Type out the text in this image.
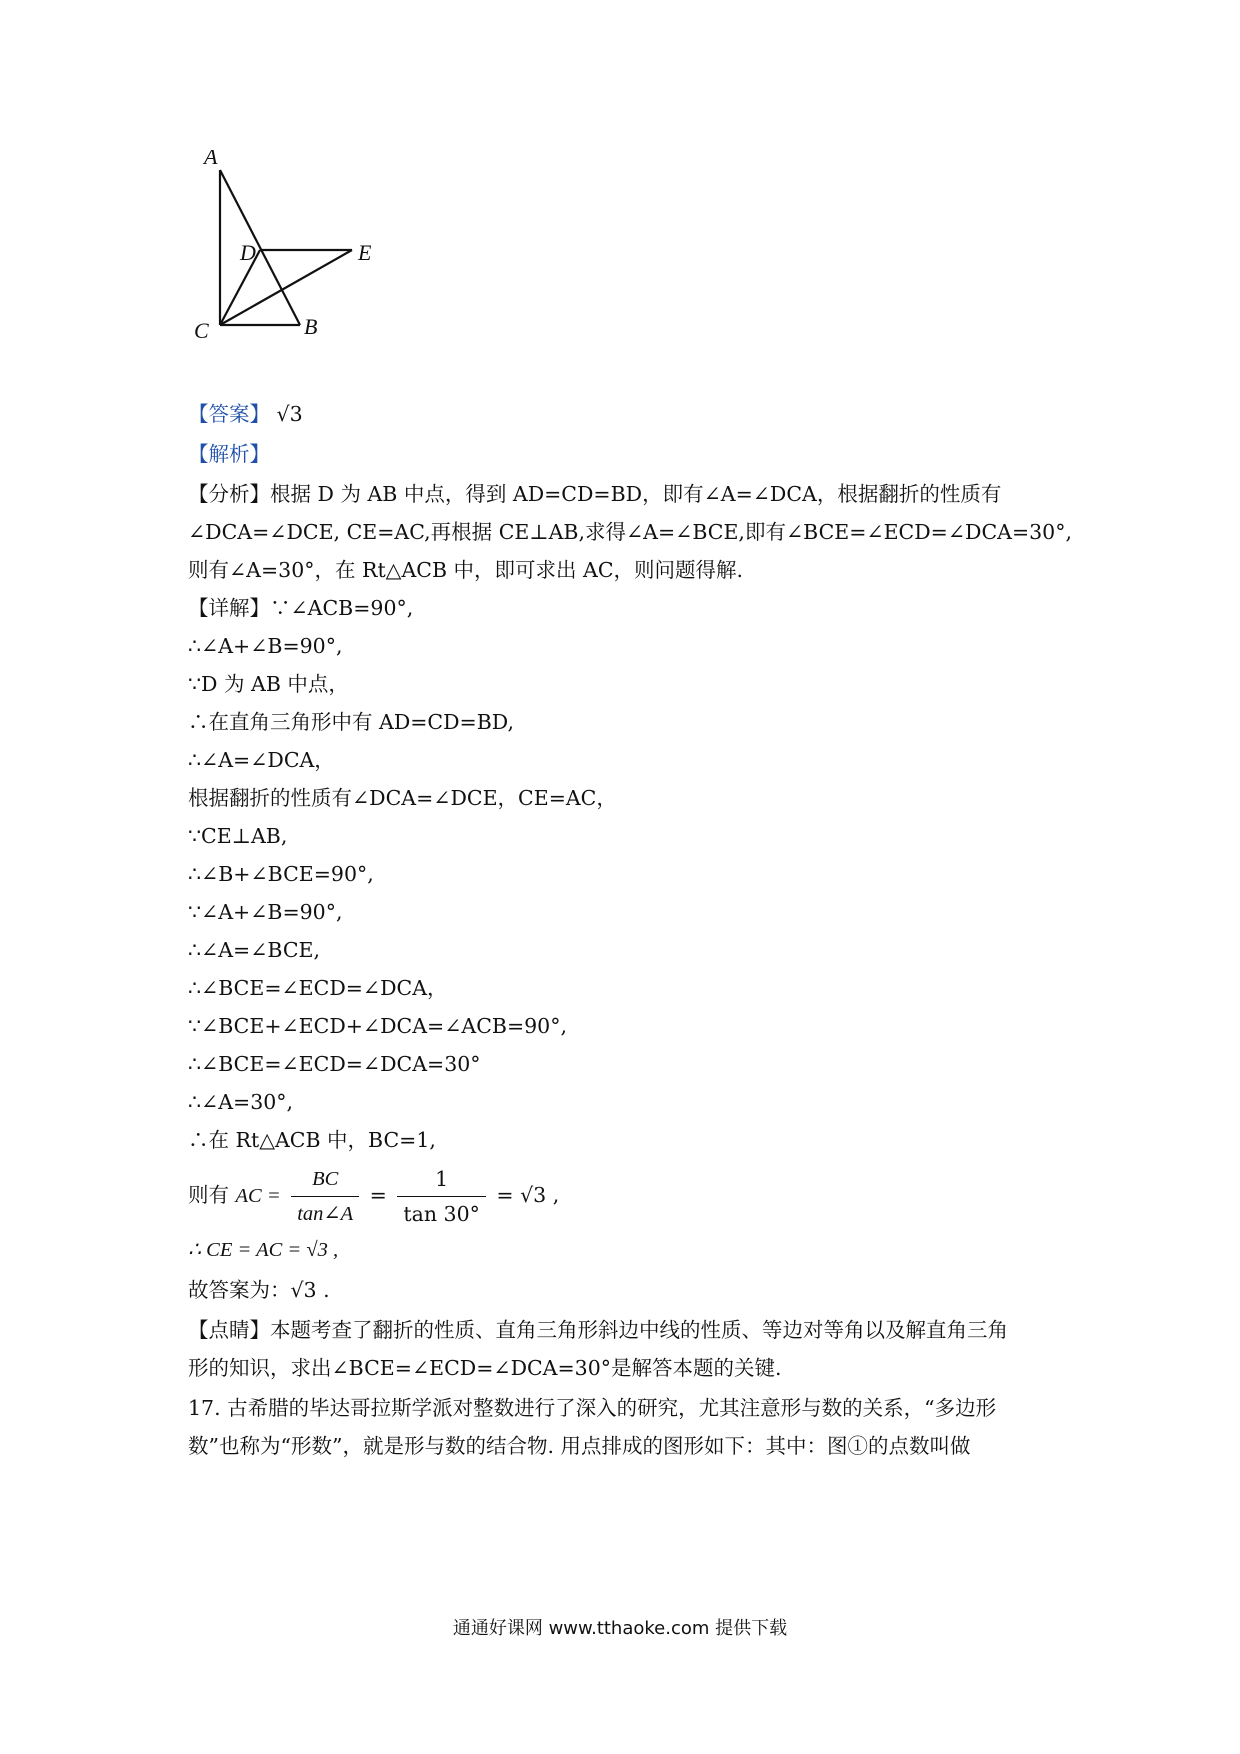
A
D	E
C	B
【答案】 √3
【解析】
【分析】根据 D 为 AB 中点，得到 AD=CD=BD，即有∠A=∠DCA，根据翻折的性质有
∠DCA=∠DCE, CE=AC,再根据 CE⊥AB,求得∠A=∠BCE,即有∠BCE=∠ECD=∠DCA=30°,
则有∠A=30°，在 Rt△ACB 中，即可求出 AC，则问题得解.
【详解】∵∠ACB=90°,
∴∠A+∠B=90°,
∵D 为 AB 中点，
∴在直角三角形中有 AD=CD=BD,
∴∠A=∠DCA，
根据翻折的性质有∠DCA=∠DCE，CE=AC，
∵CE⊥AB,
∴∠B+∠BCE=90°,
∵∠A+∠B=90°,
∴∠A=∠BCE,
∴∠BCE=∠ECD=∠DCA，
∵∠BCE+∠ECD+∠DCA=∠ACB=90°,
∴∠BCE=∠ECD=∠DCA=30°
∴∠A=30°,
∴在 Rt△ACB 中，BC=1,
则有 AC = $\frac{BC}{\tan\angle A} = \frac{1}{\tan 30^\circ} = √3$ ,
∴ CE = AC = √3 ,
故答案为：√3 .
【点睛】本题考查了翻折的性质、直角三角形斜边中线的性质、等边对等角以及解直角三角
形的知识，求出∠BCE=∠ECD=∠DCA=30°是解答本题的关键.
17. 古希腊的毕达哥拉斯学派对整数进行了深入的研究，尤其注意形与数的关系，“多边形
数”也称为“形数”，就是形与数的结合物. 用点排成的图形如下：其中：图①的点数叫做
通通好课网 www.tthaoke.com 提供下载
